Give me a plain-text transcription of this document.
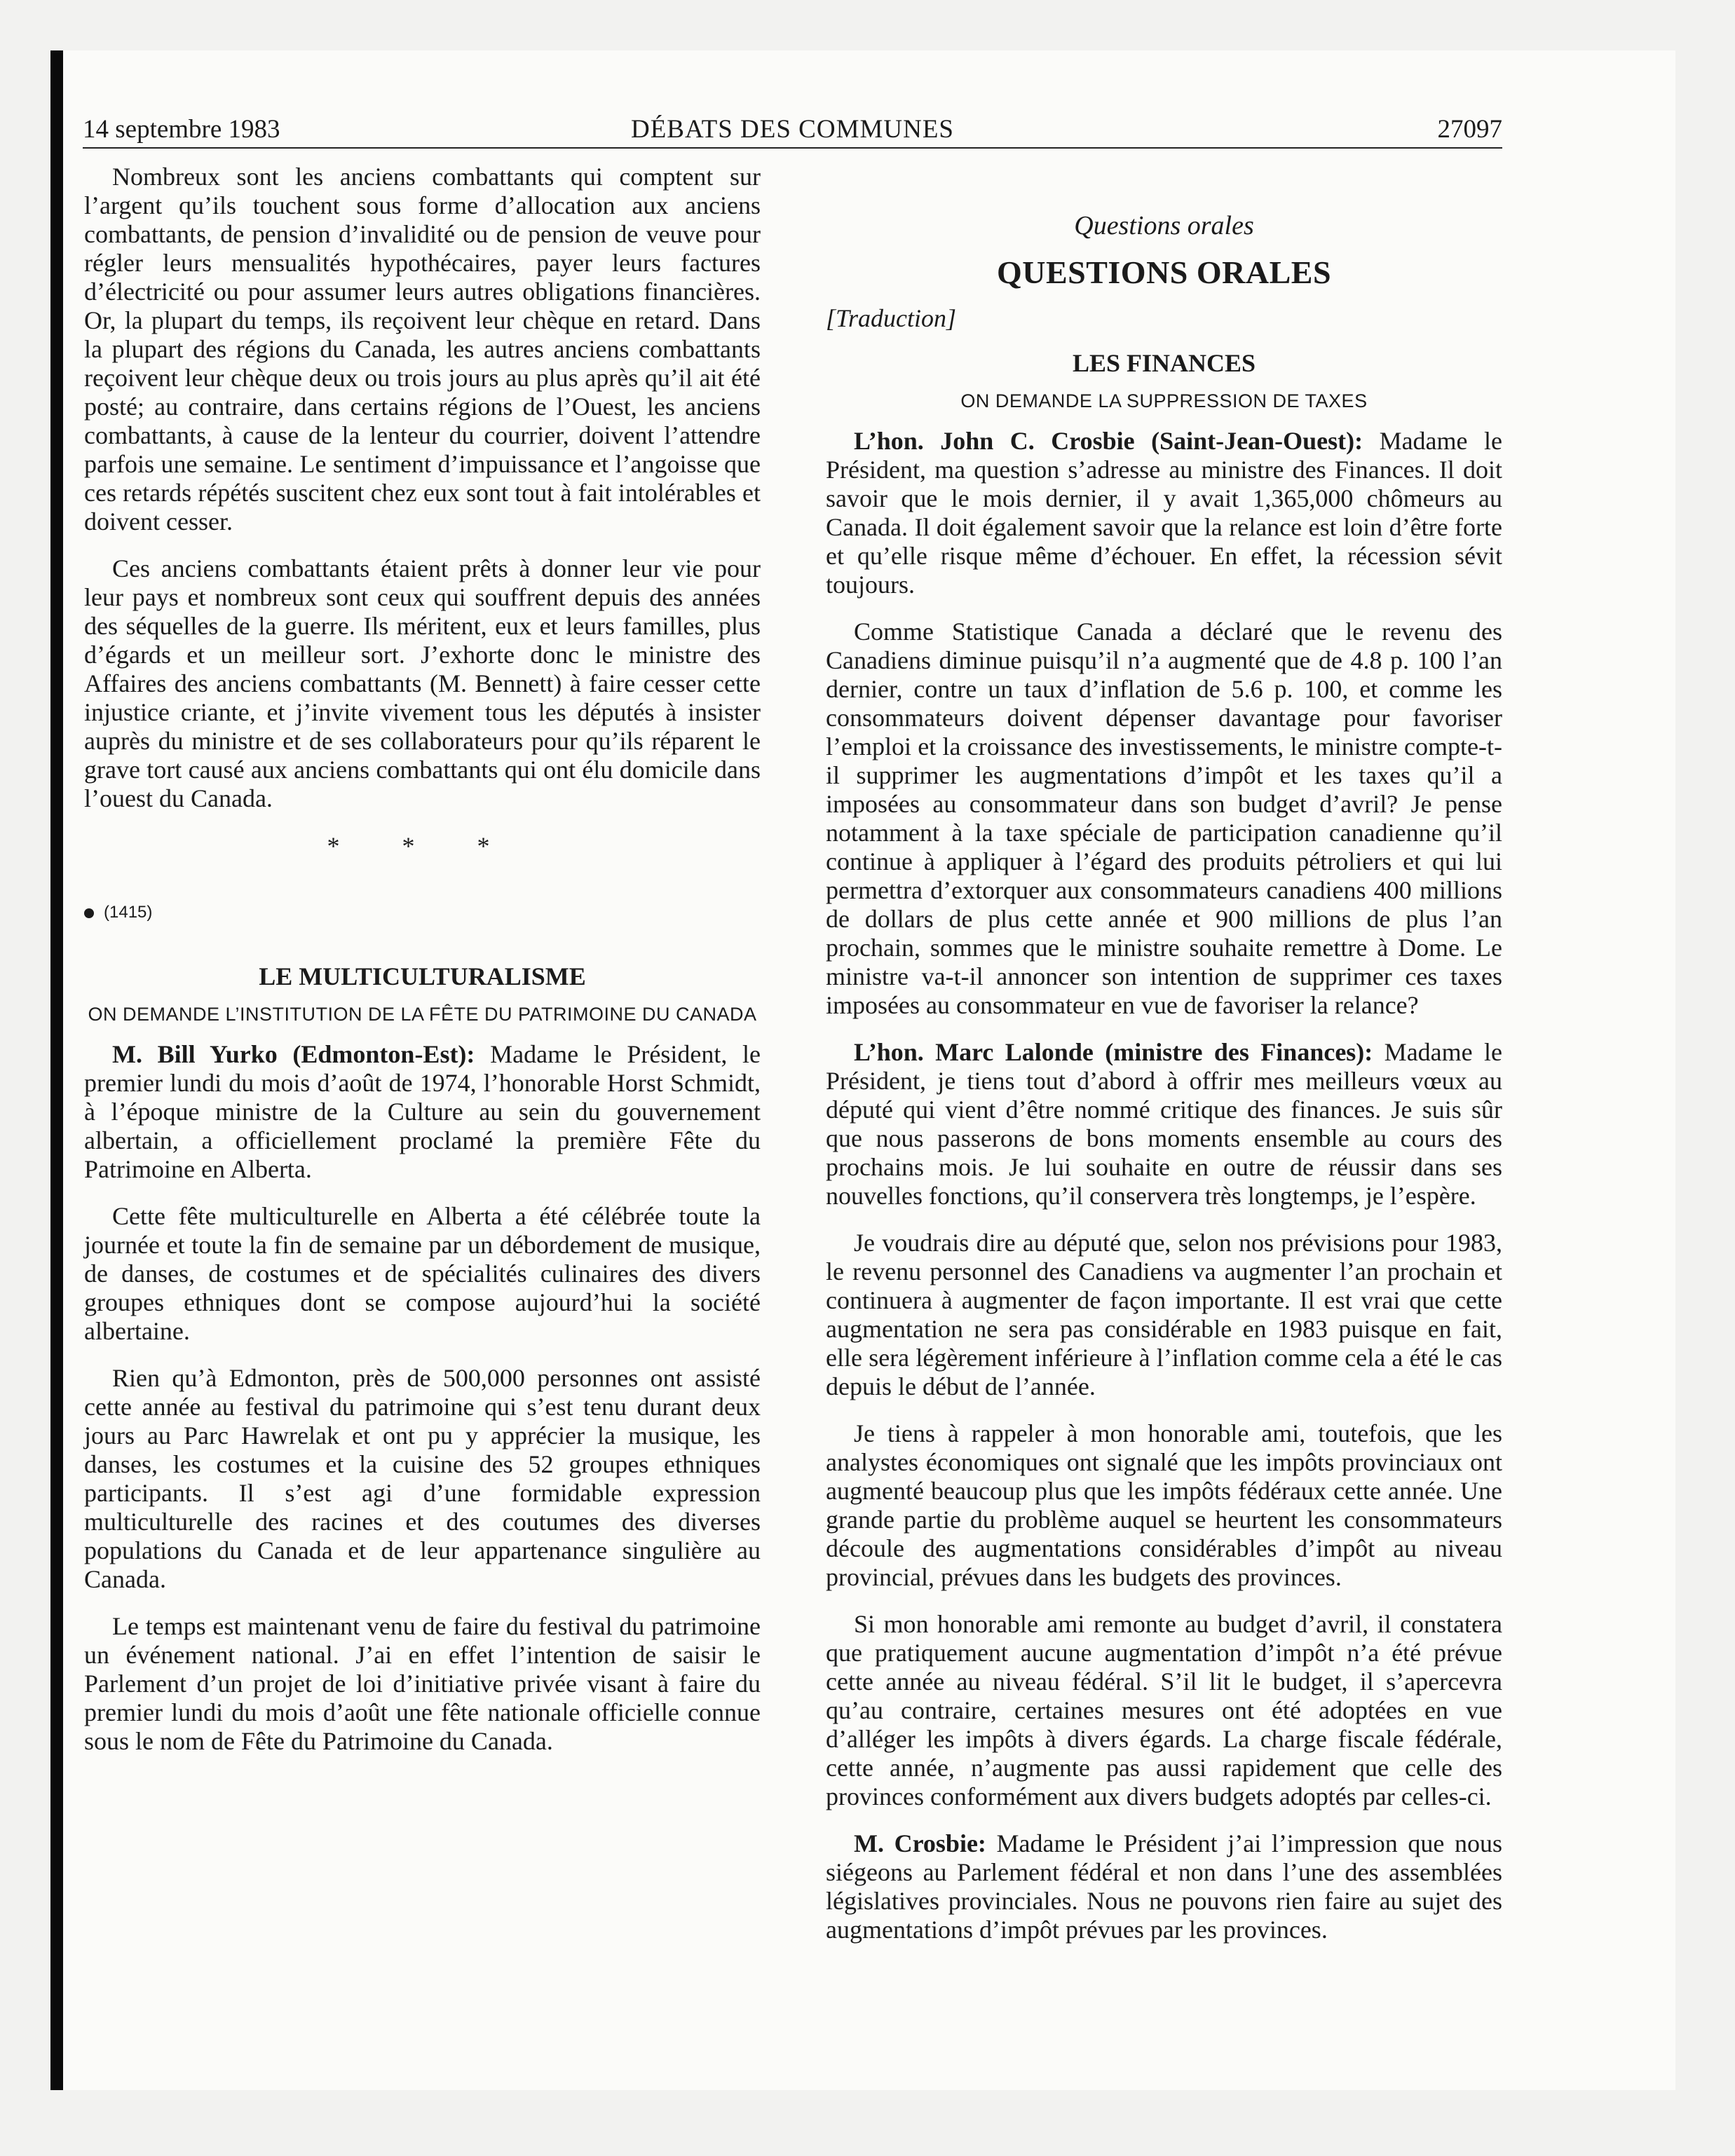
14 septembre 1983	DÉBATS DES COMMUNES	27097

Nombreux sont les anciens combattants qui comptent sur l’argent qu’ils touchent sous forme d’allocation aux anciens combattants, de pension d’invalidité ou de pension de veuve pour régler leurs mensualités hypothécaires, payer leurs factures d’électricité ou pour assumer leurs autres obligations financières. Or, la plupart du temps, ils reçoivent leur chèque en retard. Dans la plupart des régions du Canada, les autres anciens combattants reçoivent leur chèque deux ou trois jours au plus après qu’il ait été posté; au contraire, dans certains régions de l’Ouest, les anciens combattants, à cause de la lenteur du courrier, doivent l’attendre parfois une semaine. Le sentiment d’impuissance et l’angoisse que ces retards répétés suscitent chez eux sont tout à fait intolérables et doivent cesser.

Ces anciens combattants étaient prêts à donner leur vie pour leur pays et nombreux sont ceux qui souffrent depuis des années des séquelles de la guerre. Ils méritent, eux et leurs familles, plus d’égards et un meilleur sort. J’exhorte donc le ministre des Affaires des anciens combattants (M. Bennett) à faire cesser cette injustice criante, et j’invite vivement tous les députés à insister auprès du ministre et de ses collaborateurs pour qu’ils réparent le grave tort causé aux anciens combattants qui ont élu domicile dans l’ouest du Canada.

* * *
(1415)
LE MULTICULTURALISME
ON DEMANDE L’INSTITUTION DE LA FÊTE DU PATRIMOINE DU CANADA

M. Bill Yurko (Edmonton-Est): Madame le Président, le premier lundi du mois d’août de 1974, l’honorable Horst Schmidt, à l’époque ministre de la Culture au sein du gouvernement albertain, a officiellement proclamé la première Fête du Patrimoine en Alberta.

Cette fête multiculturelle en Alberta a été célébrée toute la journée et toute la fin de semaine par un débordement de musique, de danses, de costumes et de spécialités culinaires des divers groupes ethniques dont se compose aujourd’hui la société albertaine.

Rien qu’à Edmonton, près de 500,000 personnes ont assisté cette année au festival du patrimoine qui s’est tenu durant deux jours au Parc Hawrelak et ont pu y apprécier la musique, les danses, les costumes et la cuisine des 52 groupes ethniques participants. Il s’est agi d’une formidable expression multiculturelle des racines et des coutumes des diverses populations du Canada et de leur appartenance singulière au Canada.

Le temps est maintenant venu de faire du festival du patrimoine un événement national. J’ai en effet l’intention de saisir le Parlement d’un projet de loi d’initiative privée visant à faire du premier lundi du mois d’août une fête nationale officielle connue sous le nom de Fête du Patrimoine du Canada.

Questions orales
QUESTIONS ORALES
[Traduction]
LES FINANCES
ON DEMANDE LA SUPPRESSION DE TAXES

L’hon. John C. Crosbie (Saint-Jean-Ouest): Madame le Président, ma question s’adresse au ministre des Finances. Il doit savoir que le mois dernier, il y avait 1,365,000 chômeurs au Canada. Il doit également savoir que la relance est loin d’être forte et qu’elle risque même d’échouer. En effet, la récession sévit toujours.

Comme Statistique Canada a déclaré que le revenu des Canadiens diminue puisqu’il n’a augmenté que de 4.8 p. 100 l’an dernier, contre un taux d’inflation de 5.6 p. 100, et comme les consommateurs doivent dépenser davantage pour favoriser l’emploi et la croissance des investissements, le ministre compte-t-il supprimer les augmentations d’impôt et les taxes qu’il a imposées au consommateur dans son budget d’avril? Je pense notamment à la taxe spéciale de participation canadienne qu’il continue à appliquer à l’égard des produits pétroliers et qui lui permettra d’extorquer aux consommateurs canadiens 400 millions de dollars de plus cette année et 900 millions de plus l’an prochain, sommes que le ministre souhaite remettre à Dome. Le ministre va-t-il annoncer son intention de supprimer ces taxes imposées au consommateur en vue de favoriser la relance?

L’hon. Marc Lalonde (ministre des Finances): Madame le Président, je tiens tout d’abord à offrir mes meilleurs vœux au député qui vient d’être nommé critique des finances. Je suis sûr que nous passerons de bons moments ensemble au cours des prochains mois. Je lui souhaite en outre de réussir dans ses nouvelles fonctions, qu’il conservera très longtemps, je l’espère.

Je voudrais dire au député que, selon nos prévisions pour 1983, le revenu personnel des Canadiens va augmenter l’an prochain et continuera à augmenter de façon importante. Il est vrai que cette augmentation ne sera pas considérable en 1983 puisque en fait, elle sera légèrement inférieure à l’inflation comme cela a été le cas depuis le début de l’année.

Je tiens à rappeler à mon honorable ami, toutefois, que les analystes économiques ont signalé que les impôts provinciaux ont augmenté beaucoup plus que les impôts fédéraux cette année. Une grande partie du problème auquel se heurtent les consommateurs découle des augmentations considérables d’impôt au niveau provincial, prévues dans les budgets des provinces.

Si mon honorable ami remonte au budget d’avril, il constatera que pratiquement aucune augmentation d’impôt n’a été prévue cette année au niveau fédéral. S’il lit le budget, il s’apercevra qu’au contraire, certaines mesures ont été adoptées en vue d’alléger les impôts à divers égards. La charge fiscale fédérale, cette année, n’augmente pas aussi rapidement que celle des provinces conformément aux divers budgets adoptés par celles-ci.

M. Crosbie: Madame le Président j’ai l’impression que nous siégeons au Parlement fédéral et non dans l’une des assemblées législatives provinciales. Nous ne pouvons rien faire au sujet des augmentations d’impôt prévues par les provinces.
